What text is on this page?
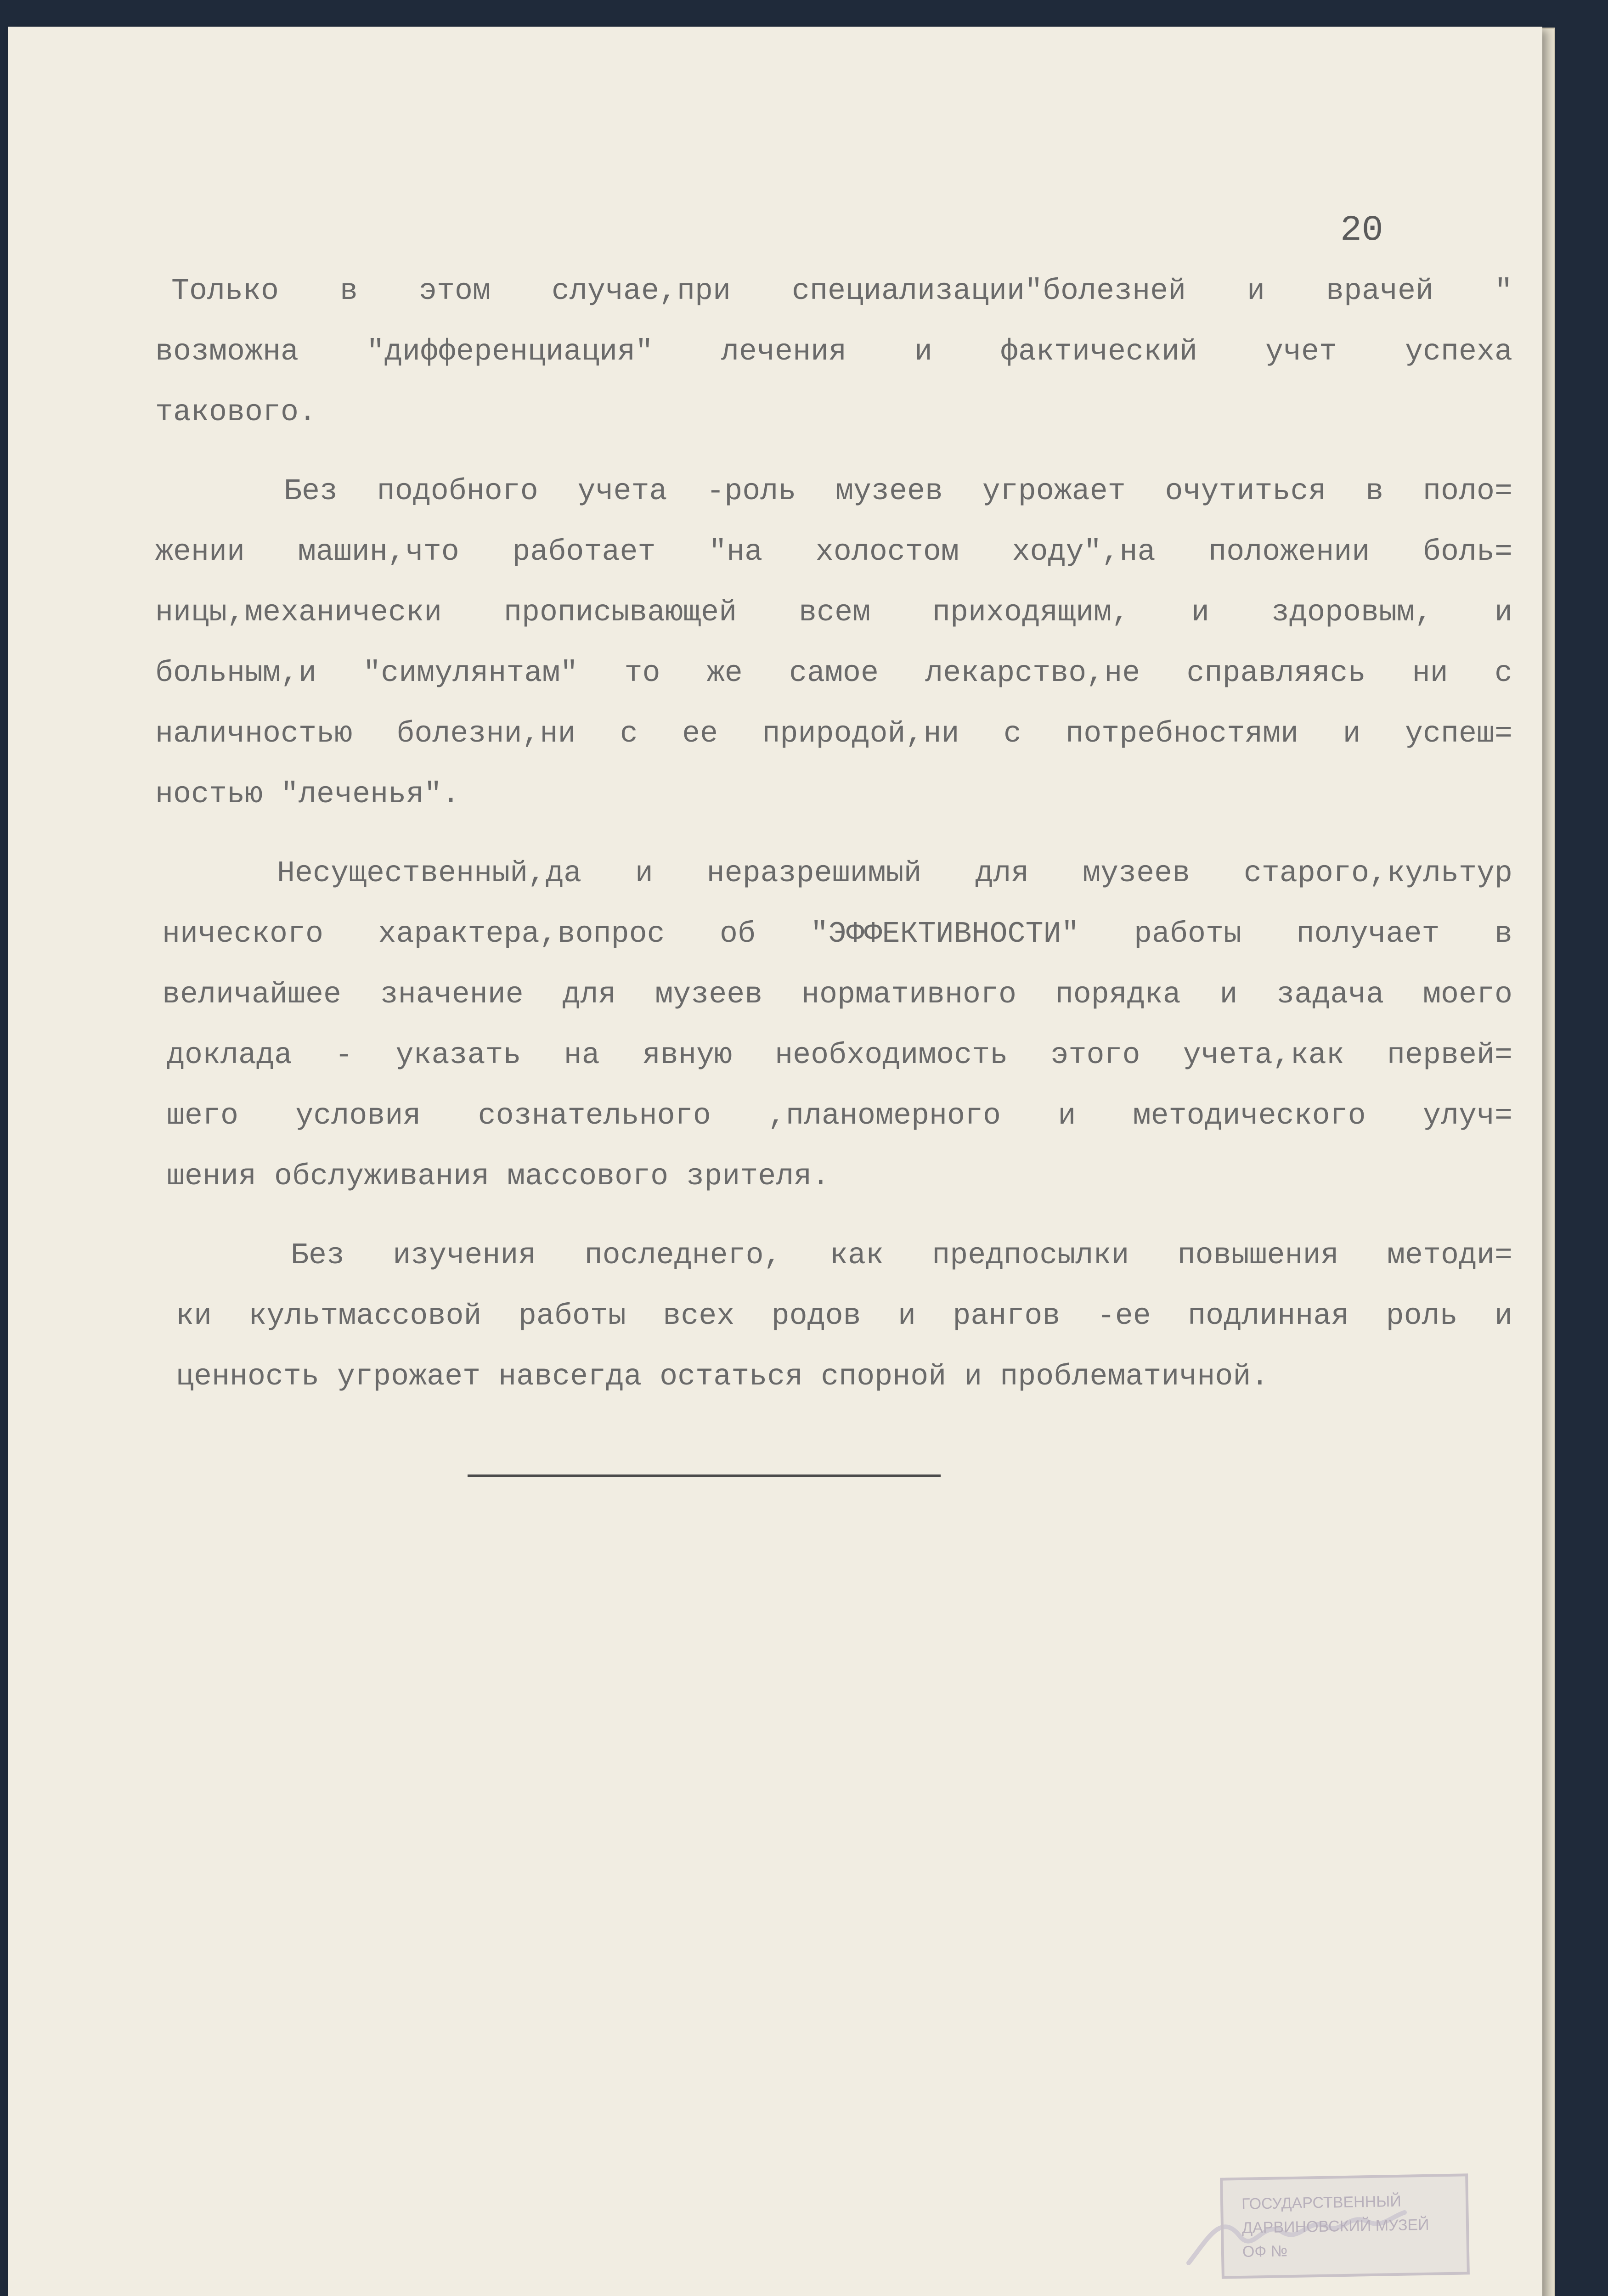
20
Только в этом случае,при специализации"болезней и врачей "
возможна "дифференциация" лечения и фактический учет успеха
такового.
Без подобного учета -роль музеев угрожает очутиться в поло=
жении машин,что работает "на холостом ходу",на положении боль=
ницы,механически прописывающей всем приходящим, и здоровым, и
больным,и "симулянтам" то же самое лекарство,не справляясь ни с
наличностью болезни,ни с ее природой,ни с потребностями и успеш=
ностью "леченья".
Несущественный,да и неразрешимый для музеев старого,культур
нического характера,вопрос об "ЭФФЕКТИВНОСТИ" работы получает в
величайшее значение для музеев нормативного порядка и задача моего
доклада - указать на явную необходимость этого учета,как первей=
шего условия сознательного ,планомерного и методического улуч=
шения обслуживания массового зрителя.
Без изучения последнего, как предпосылки повышения методи=
ки культмассовой работы всех родов и рангов -ее подлинная роль и
ценность угрожает навсегда остаться спорной и проблематичной.
ГОСУДАРСТВЕННЫЙ
ДАРВИНОВСКИЙ МУЗЕЙ
ОФ №
